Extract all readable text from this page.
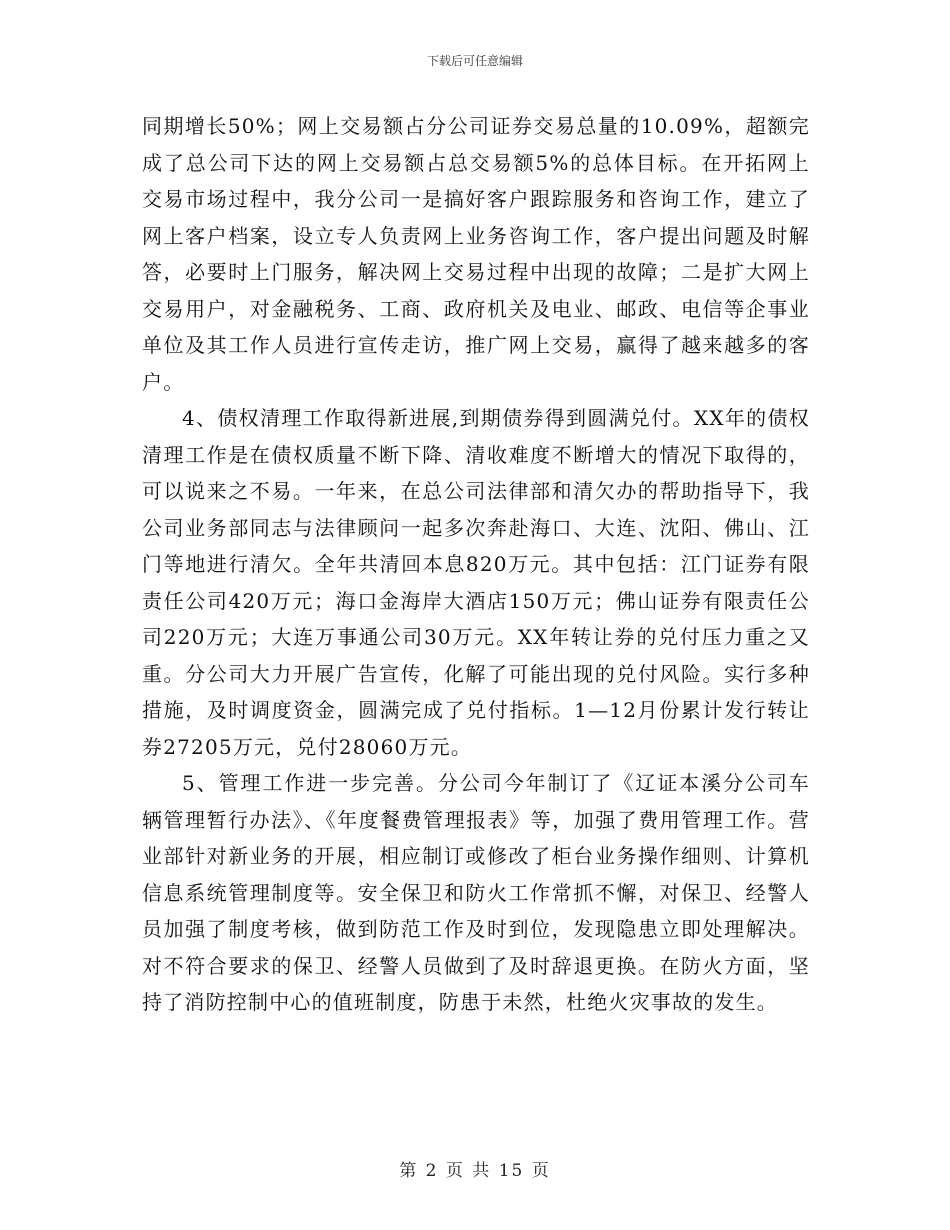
下载后可任意编辑

同期增长50%；网上交易额占分公司证券交易总量的10.09%，超额完成了总公司下达的网上交易额占总交易额5%的总体目标。在开拓网上交易市场过程中，我分公司一是搞好客户跟踪服务和咨询工作，建立了网上客户档案，设立专人负责网上业务咨询工作，客户提出问题及时解答，必要时上门服务，解决网上交易过程中出现的故障；二是扩大网上交易用户，对金融税务、工商、政府机关及电业、邮政、电信等企事业单位及其工作人员进行宣传走访，推广网上交易，赢得了越来越多的客户。

4、债权清理工作取得新进展,到期债券得到圆满兑付。XX年的债权清理工作是在债权质量不断下降、清收难度不断增大的情况下取得的，可以说来之不易。一年来，在总公司法律部和清欠办的帮助指导下，我公司业务部同志与法律顾问一起多次奔赴海口、大连、沈阳、佛山、江门等地进行清欠。全年共清回本息820万元。其中包括：江门证券有限责任公司420万元；海口金海岸大酒店150万元；佛山证券有限责任公司220万元；大连万事通公司30万元。XX年转让券的兑付压力重之又重。分公司大力开展广告宣传，化解了可能出现的兑付风险。实行多种措施，及时调度资金，圆满完成了兑付指标。1—12月份累计发行转让券27205万元，兑付28060万元。

5、管理工作进一步完善。分公司今年制订了《辽证本溪分公司车辆管理暂行办法》、《年度餐费管理报表》等，加强了费用管理工作。营业部针对新业务的开展，相应制订或修改了柜台业务操作细则、计算机信息系统管理制度等。安全保卫和防火工作常抓不懈，对保卫、经警人员加强了制度考核，做到防范工作及时到位，发现隐患立即处理解决。对不符合要求的保卫、经警人员做到了及时辞退更换。在防火方面，坚持了消防控制中心的值班制度，防患于未然，杜绝火灾事故的发生。

第 2 页 共 15 页
